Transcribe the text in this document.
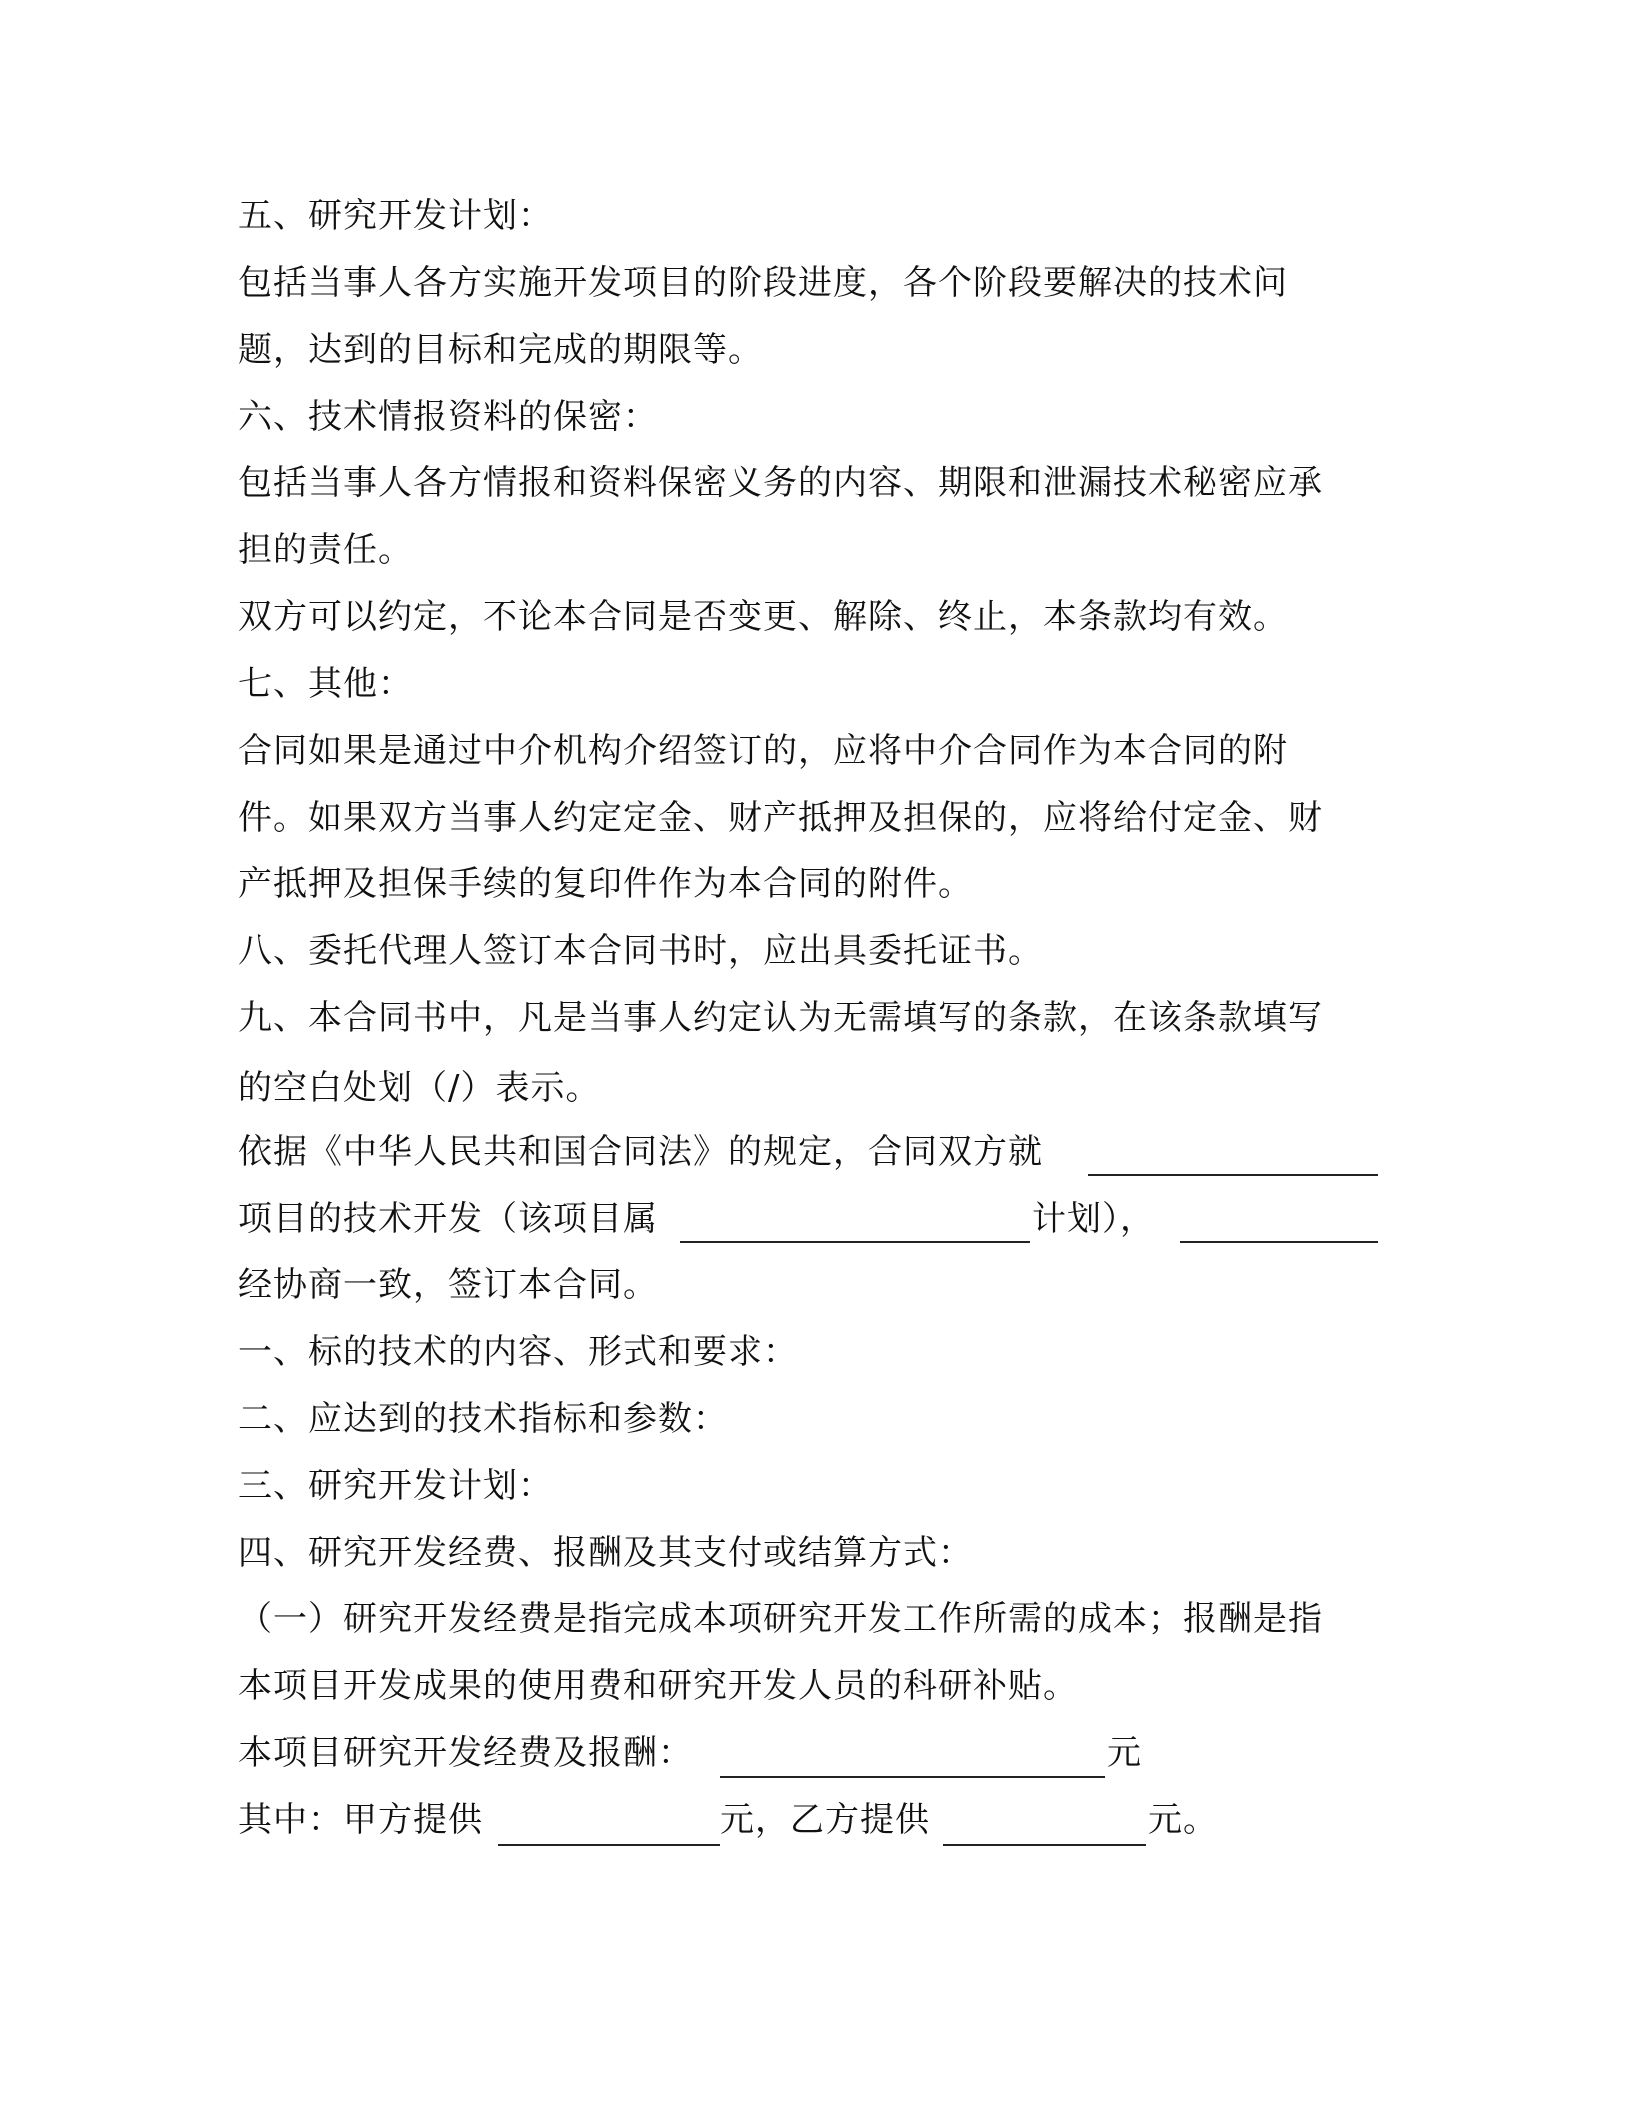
五、研究开发计划：
包括当事人各方实施开发项目的阶段进度，各个阶段要解决的技术问
题，达到的目标和完成的期限等。
六、技术情报资料的保密：
包括当事人各方情报和资料保密义务的内容、期限和泄漏技术秘密应承
担的责任。
双方可以约定，不论本合同是否变更、解除、终止，本条款均有效。
七、其他：
合同如果是通过中介机构介绍签订的，应将中介合同作为本合同的附
件。如果双方当事人约定定金、财产抵押及担保的，应将给付定金、财
产抵押及担保手续的复印件作为本合同的附件。
八、委托代理人签订本合同书时，应出具委托证书。
九、本合同书中，凡是当事人约定认为无需填写的条款，在该条款填写
的空白处划（/）表示。
依据《中华人民共和国合同法》的规定，合同双方就
项目的技术开发（该项目属	计划），
经协商一致，签订本合同。
一、标的技术的内容、形式和要求：
二、应达到的技术指标和参数：
三、研究开发计划：
四、研究开发经费、报酬及其支付或结算方式：
（一）研究开发经费是指完成本项研究开发工作所需的成本；报酬是指
本项目开发成果的使用费和研究开发人员的科研补贴。
本项目研究开发经费及报酬：	元
其中：甲方提供	元，乙方提供	元。
